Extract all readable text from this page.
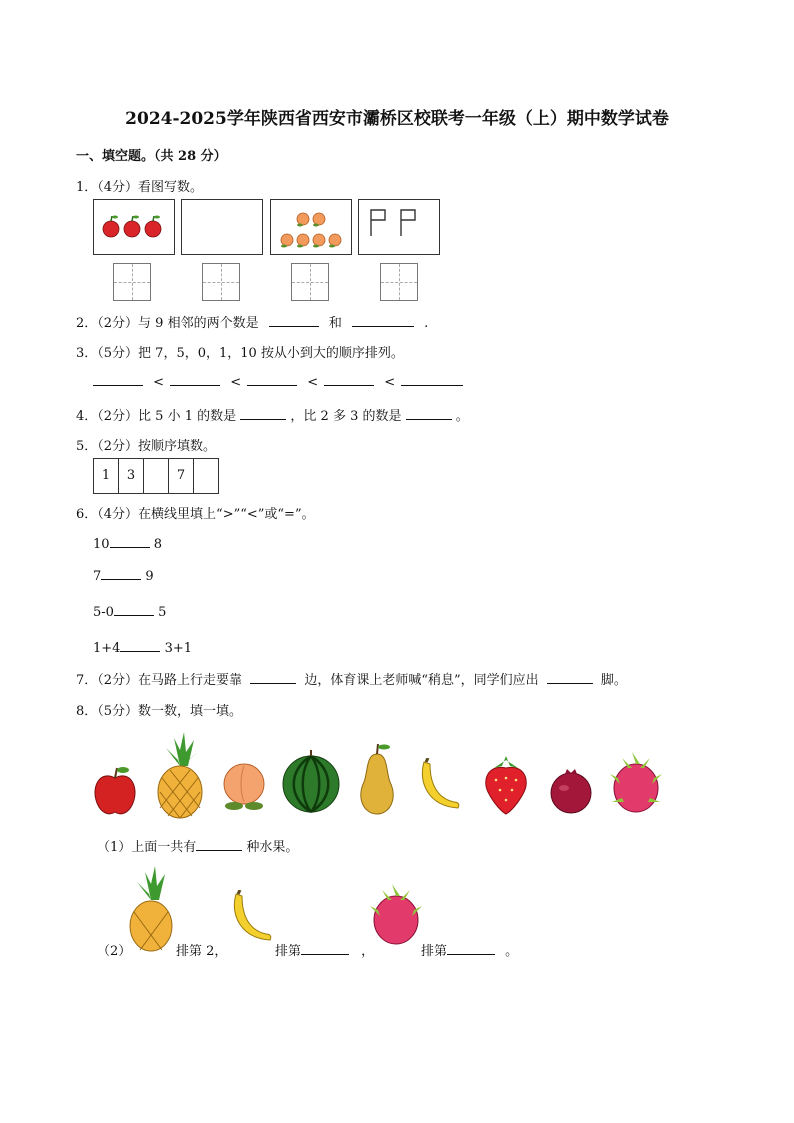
2024-2025学年陕西省西安市灞桥区校联考一年级（上）期中数学试卷
一、填空题。（共 28 分）
1．（4分）看图写数。
2．（2分）与 9 相邻的两个数是	和	.
3．（5分）把 7，5，0，1，10 按从小到大的顺序排列。
<	<	<	<
4．（2分）比 5 小 1 的数是	，比 2 多 3 的数是	。
5．（2分）按顺序填数。
1	3	7
6．（4分）在横线里填上“>”“<”或“=”。
10	8
7	9
5-0	5
1+4	3+1
7．（2分）在马路上行走要靠	边，体育课上老师喊“稍息”，同学们应出	脚。
8．（5分）数一数，填一填。
（1）上面一共有	种水果。
（2）	排第 2，	排第	，	排第	。
